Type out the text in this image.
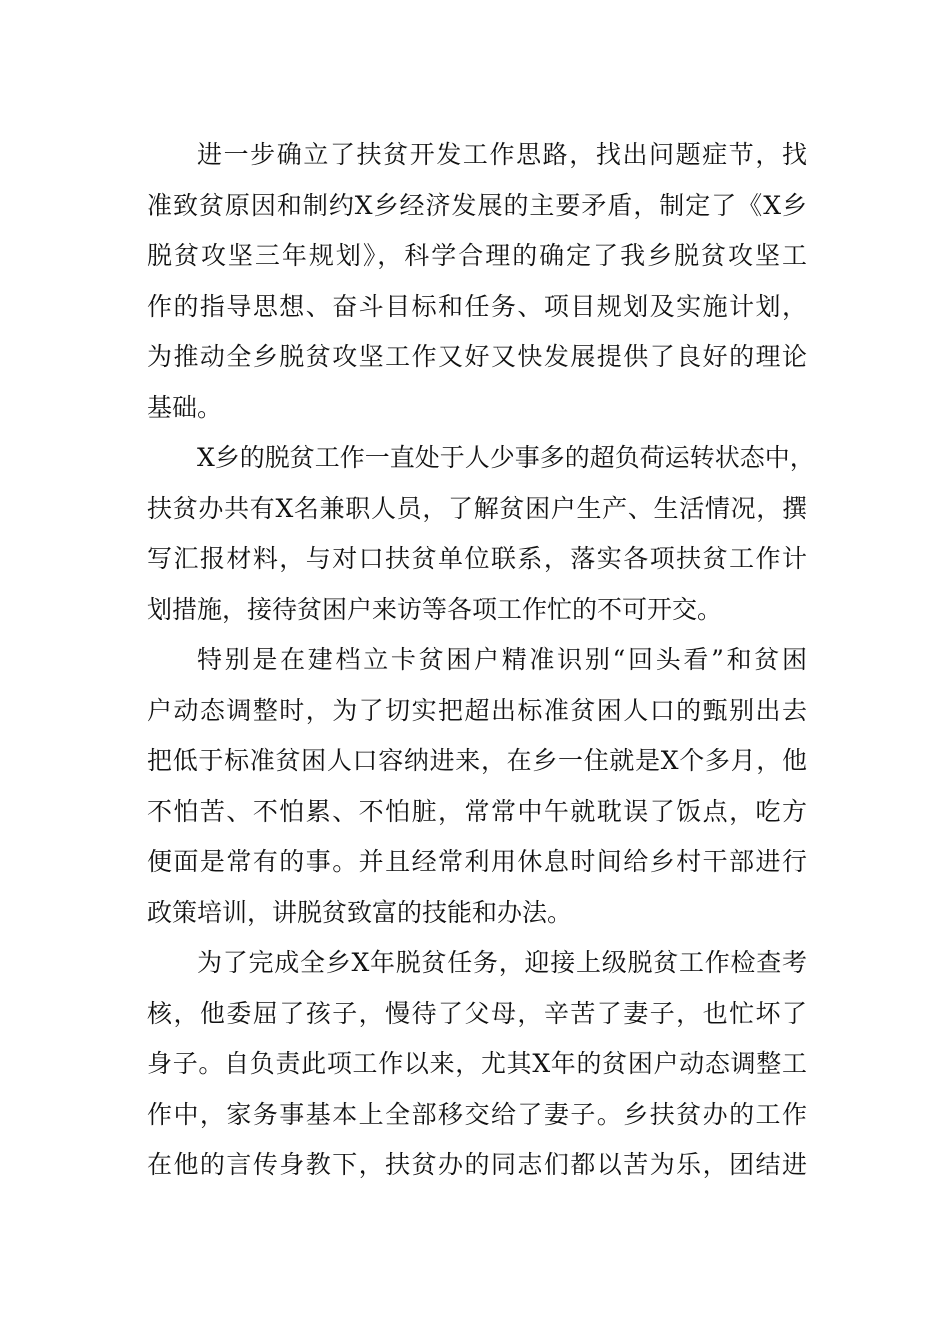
进一步确立了扶贫开发工作思路，找出问题症节，找
准致贫原因和制约X乡经济发展的主要矛盾，制定了《X乡
脱贫攻坚三年规划》，科学合理的确定了我乡脱贫攻坚工
作的指导思想、奋斗目标和任务、项目规划及实施计划，
为推动全乡脱贫攻坚工作又好又快发展提供了良好的理论
基础。
X乡的脱贫工作一直处于人少事多的超负荷运转状态中，
扶贫办共有X名兼职人员，了解贫困户生产、生活情况，撰
写汇报材料，与对口扶贫单位联系，落实各项扶贫工作计
划措施，接待贫困户来访等各项工作忙的不可开交。
特别是在建档立卡贫困户精准识别“回头看”和贫困
户动态调整时，为了切实把超出标准贫困人口的甄别出去
把低于标准贫困人口容纳进来，在乡一住就是X个多月，他
不怕苦、不怕累、不怕脏，常常中午就耽误了饭点，吃方
便面是常有的事。并且经常利用休息时间给乡村干部进行
政策培训，讲脱贫致富的技能和办法。
为了完成全乡X年脱贫任务，迎接上级脱贫工作检查考
核，他委屈了孩子，慢待了父母，辛苦了妻子，也忙坏了
身子。自负责此项工作以来，尤其X年的贫困户动态调整工
作中，家务事基本上全部移交给了妻子。乡扶贫办的工作
在他的言传身教下，扶贫办的同志们都以苦为乐，团结进
